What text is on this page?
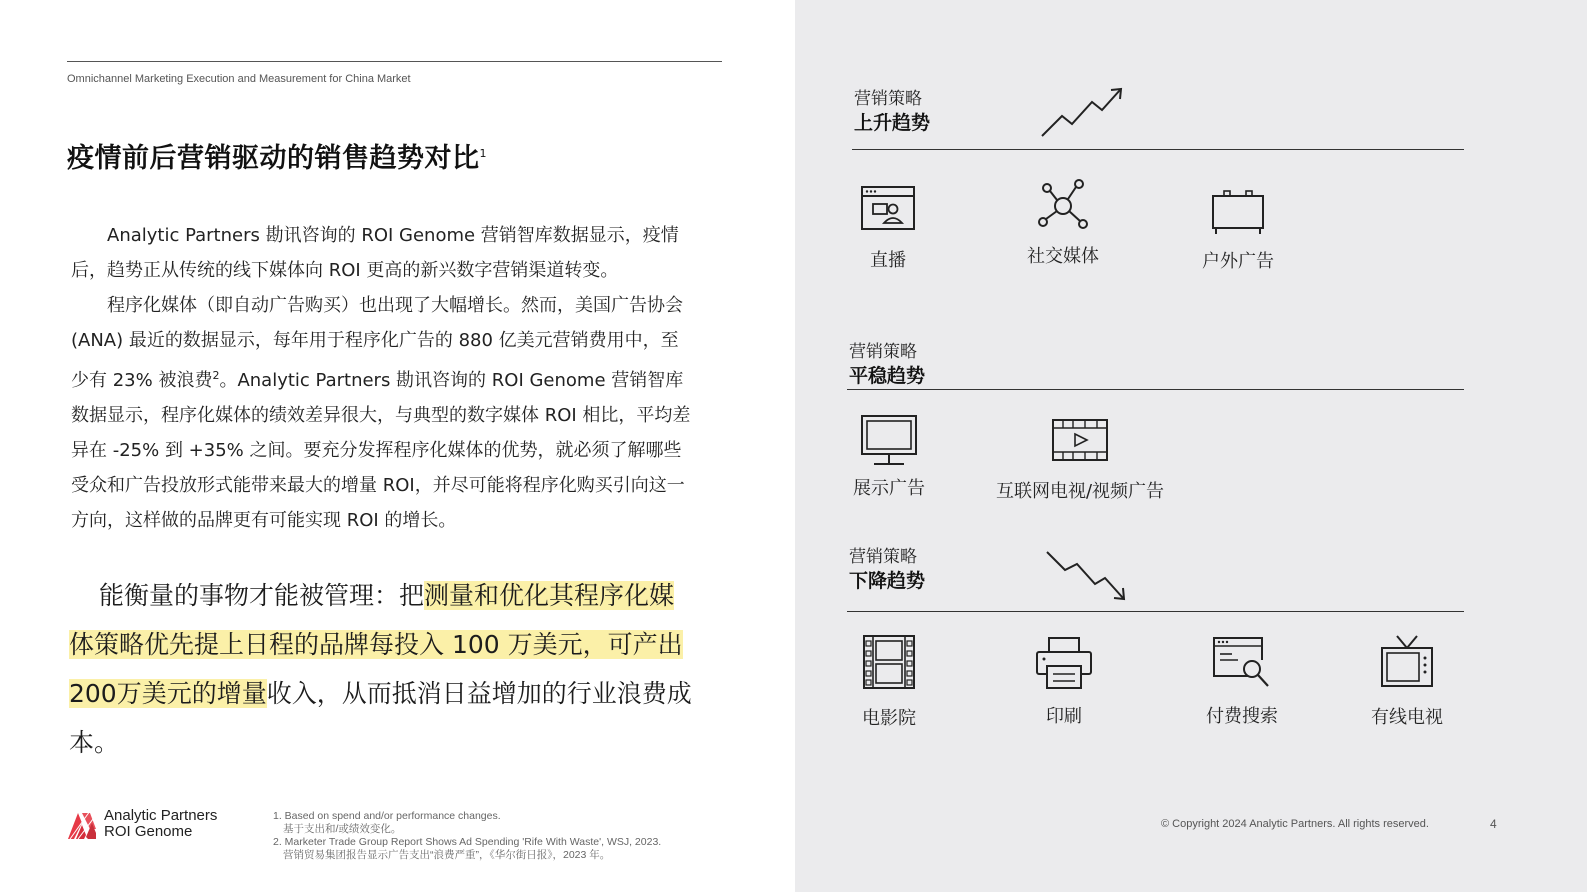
Omnichannel Marketing Execution and Measurement for China Market
疫情前后营销驱动的销售趋势对比$^1$

Analytic Partners 勘讯咨询的 ROI Genome 营销智库数据显示，疫情后，趋势正从传统的线下媒体向 ROI 更高的新兴数字营销渠道转变。

程序化媒体（即自动广告购买）也出现了大幅增长。然而，美国广告协会 (ANA) 最近的数据显示，每年用于程序化广告的 880 亿美元营销费用中，至少有 23% 被浪费$^2$。Analytic Partners 勘讯咨询的 ROI Genome 营销智库数据显示，程序化媒体的绩效差异很大，与典型的数字媒体 ROI 相比，平均差异在 -25% 到 +35% 之间。要充分发挥程序化媒体的优势，就必须了解哪些受众和广告投放形式能带来最大的增量 ROI，并尽可能将程序化购买引向这一方向，这样做的品牌更有可能实现 ROI 的增长。

能衡量的事物才能被管理：把测量和优化其程序化媒体策略优先提上日程的品牌每投入 100 万美元，可产出200万美元的增量收入，从而抵消日益增加的行业浪费成本。
Analytic Partners
ROI Genome
1. Based on spend and/or performance changes.
基于支出和/或绩效变化。
2. Marketer Trade Group Report Shows Ad Spending 'Rife With Waste', WSJ, 2023.
营销贸易集团报告显示广告支出“浪费严重”，《华尔街日报》，2023 年。
营销策略
上升趋势
直播	社交媒体	户外广告
营销策略
平稳趋势
展示广告	互联网电视/视频广告
营销策略
下降趋势
电影院	印刷	付费搜索	有线电视
© Copyright 2024 Analytic Partners. All rights reserved.	4
